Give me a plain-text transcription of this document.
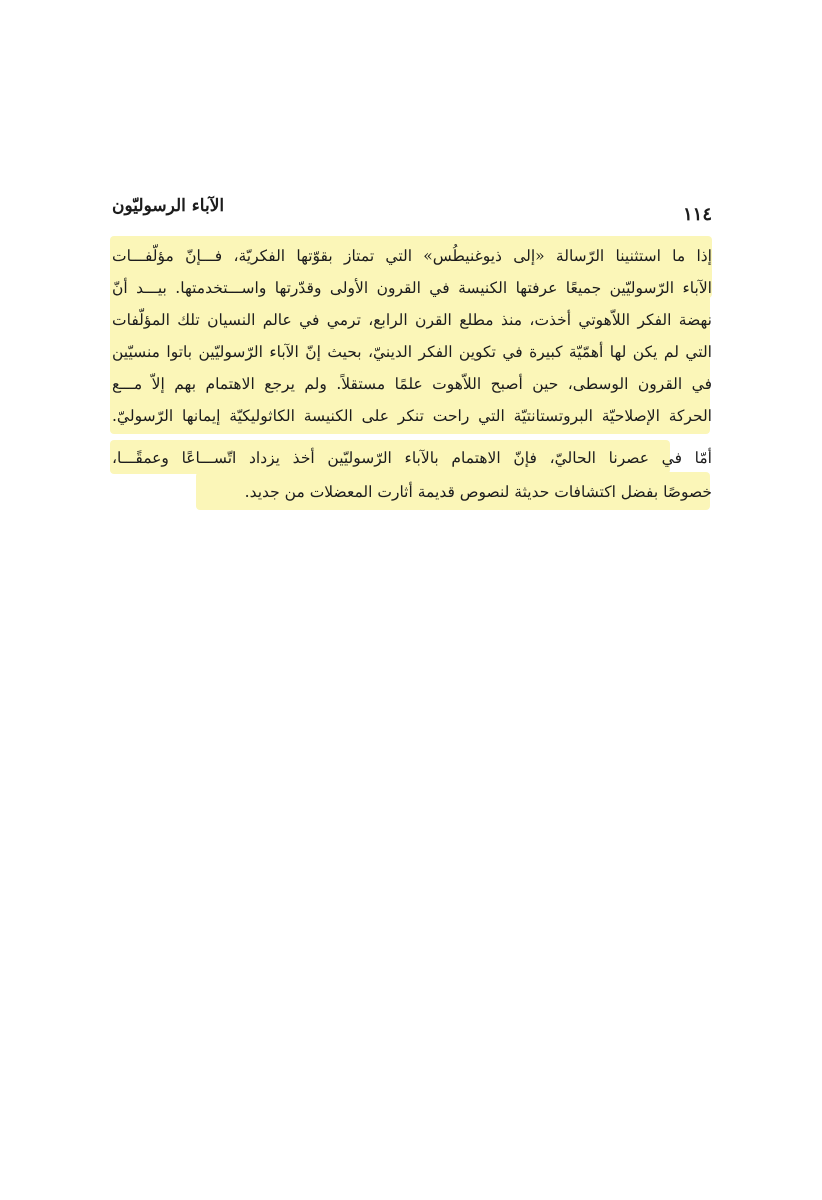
الآباء الرسوليّون	١١٤
إذا ما استثنينا الرّسالة «إلى ذيوغنيطُس» التي تمتاز بقوّتها الفكريّة، فـــإنّ مؤلّفـــات
الآباء الرّسوليّين جميعًا عرفتها الكنيسة في القرون الأولى وقدّرتها واســـتخدمتها. بيـــد أنّ
نهضة الفكر اللاّهوتي أخذت، منذ مطلع القرن الرابع، ترمي في عالم النسيان تلك المؤلّفات
التي لم يكن لها أهمّيّة كبيرة في تكوين الفكر الدينيّ، بحيث إنّ الآباء الرّسوليّين باتوا منسيّين
في القرون الوسطى، حين أصبح اللاّهوت علمًا مستقلاً. ولم يرجع الاهتمام بهم إلاّ مـــع
الحركة الإصلاحيّة البروتستانتيّة التي راحت تنكر على الكنيسة الكاثوليكيّة إيمانها الرّسوليّ.
أمّا في عصرنا الحاليّ، فإنّ الاهتمام بالآباء الرّسوليّين أخذ يزداد اتّســـاعًا وعمقًـــا،
خصوصًا بفضل اكتشافات حديثة لنصوص قديمة أثارت المعضلات من جديد.
